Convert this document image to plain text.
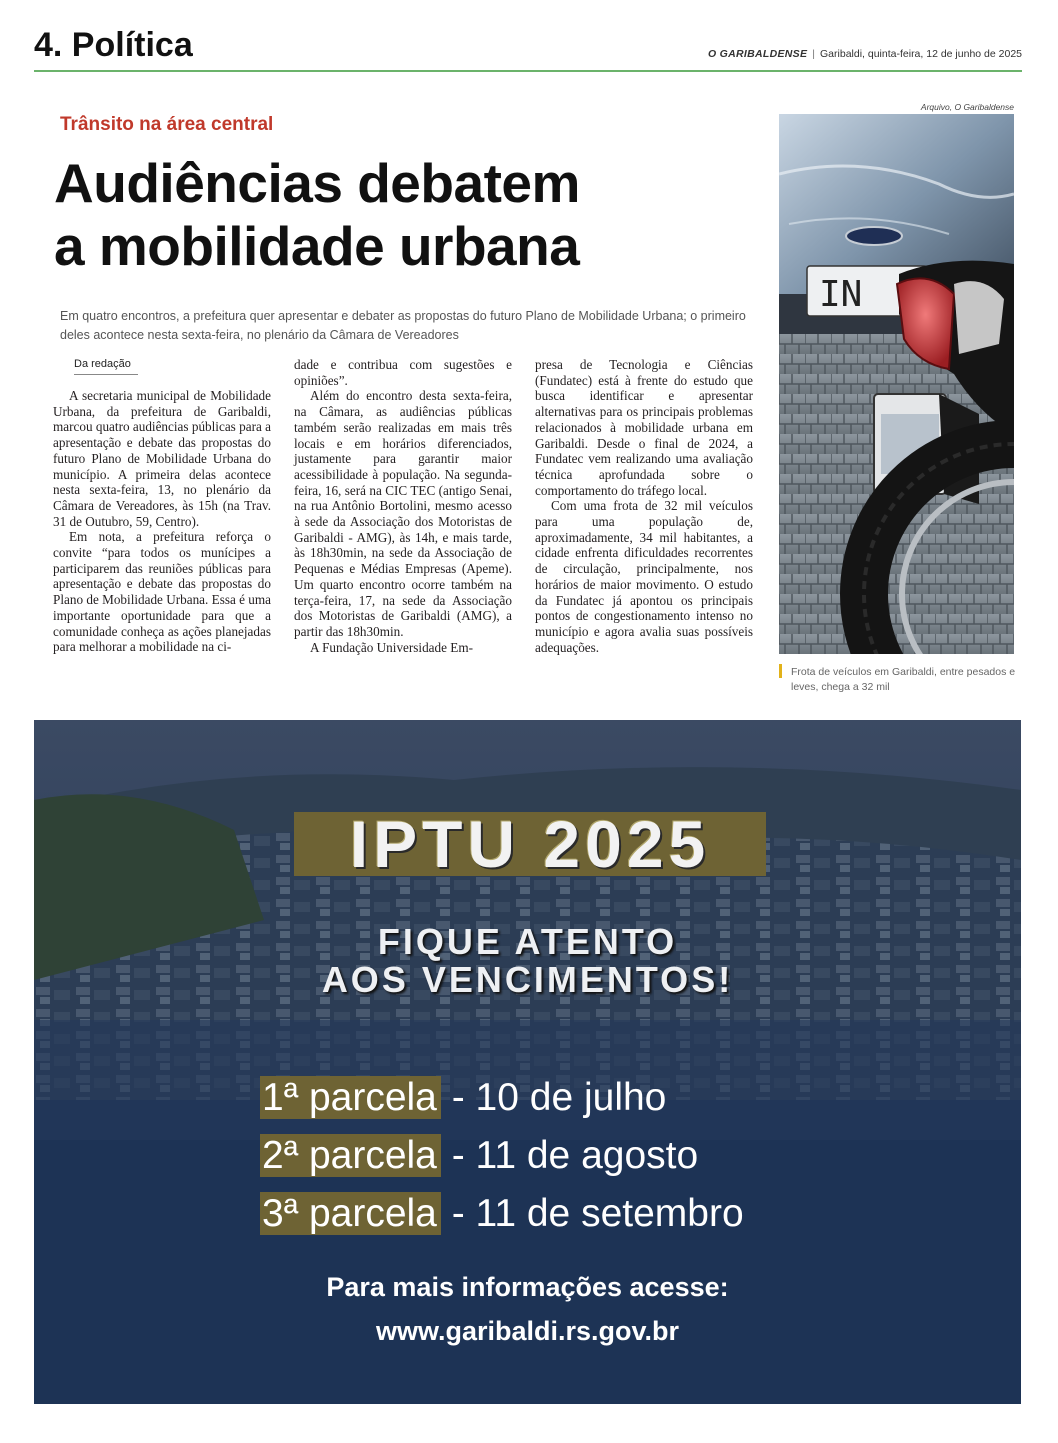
4. Política	O GARIBALDENSE | Garibaldi, quinta-feira, 12 de junho de 2025
Trânsito na área central
Audiências debatem
a mobilidade urbana

Em quatro encontros, a prefeitura quer apresentar e debater as propostas do futuro Plano de Mobilidade Urbana; o primeiro deles acontece nesta sexta-feira, no plenário da Câmara de Vereadores

Da redação

A secretaria municipal de Mobilidade Urbana, da prefeitura de Garibaldi, marcou quatro audiências públicas para a apresentação e debate das propostas do futuro Plano de Mobilidade Urbana do município. A primeira delas acontece nesta sexta-feira, 13, no plenário da Câmara de Vereadores, às 15h (na Trav. 31 de Outubro, 59, Centro).

Em nota, a prefeitura reforça o convite “para todos os munícipes a participarem das reuniões públicas para apresentação e debate das propostas do Plano de Mobilidade Urbana. Essa é uma importante oportunidade para que a comunidade conheça as ações planejadas para melhorar a mobilidade na ci-

dade e contribua com sugestões e opiniões”.

Além do encontro desta sexta-feira, na Câmara, as audiências públicas também serão realizadas em mais três locais e em horários diferenciados, justamente para garantir maior acessibilidade à população. Na segunda-feira, 16, será na CIC TEC (antigo Senai, na rua Antônio Bortolini, mesmo acesso à sede da Associação dos Motoristas de Garibaldi - AMG), às 14h, e mais tarde, às 18h30min, na sede da Associação de Pequenas e Médias Empresas (Apeme). Um quarto encontro ocorre também na terça-feira, 17, na sede da Associação dos Motoristas de Garibaldi (AMG), a partir das 18h30min.

A Fundação Universidade Em-

presa de Tecnologia e Ciências (Fundatec) está à frente do estudo que busca identificar e apresentar alternativas para os principais problemas relacionados à mobilidade urbana em Garibaldi. Desde o final de 2024, a Fundatec vem realizando uma avaliação técnica aprofundada sobre o comportamento do tráfego local.

Com uma frota de 32 mil veículos para uma população de, aproximadamente, 34 mil habitantes, a cidade enfrenta dificuldades recorrentes de circulação, principalmente, nos horários de maior movimento. O estudo da Fundatec já apontou os principais pontos de congestionamento intenso no município e agora avalia suas possíveis adequações.

Arquivo, O Garibaldense
IN

Frota de veículos em Garibaldi, entre pesados e leves, chega a 32 mil

IPTU 2025

FIQUE ATENTO

AOS VENCIMENTOS!

1ª parcela - 10 de julho

2ª parcela - 11 de agosto

3ª parcela - 11 de setembro

Para mais informações acesse:

www.garibaldi.rs.gov.br
